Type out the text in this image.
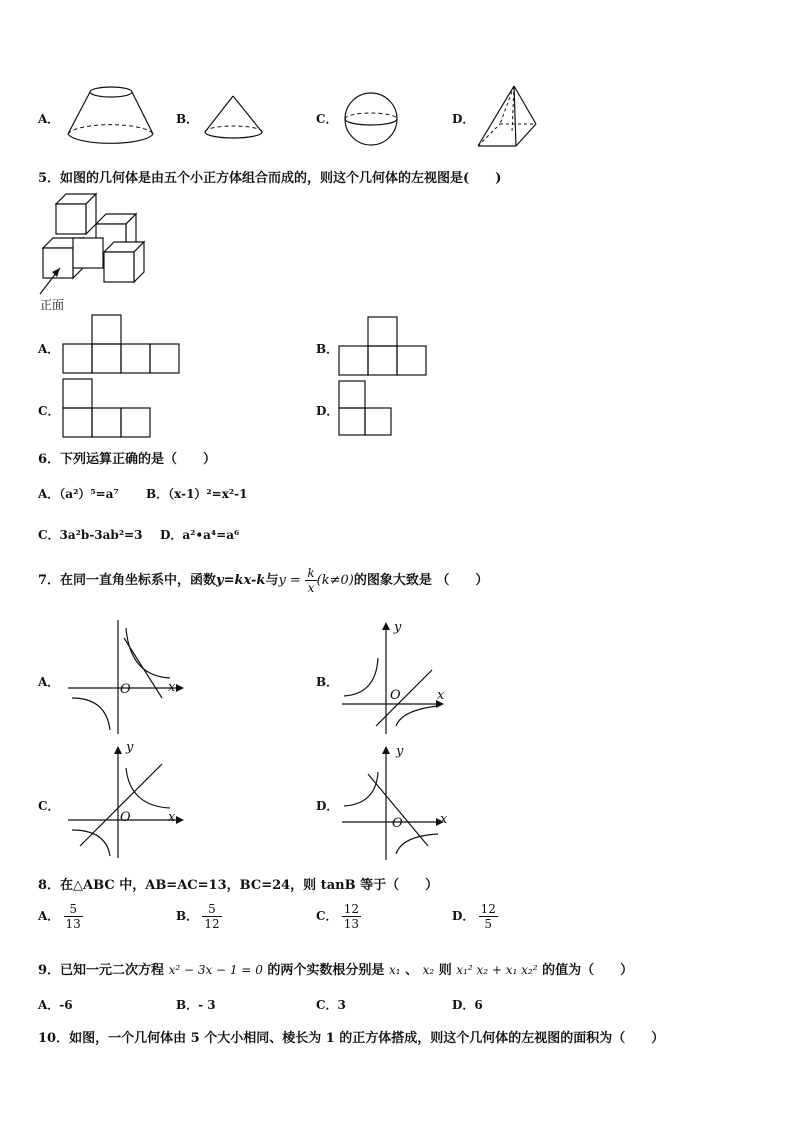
A．	B．	C．	D．
5．如图的几何体是由五个小正方体组合而成的，则这个几何体的左视图是(　　)
正面
A．	B．
C．	D．
6．下列运算正确的是（　　）
A．（a²）⁵=a⁷ B．（x-1）²=x²-1
C．3a²b-3ab²=3 D．a²•a⁴=a⁶
7．在同一直角坐标系中，函数y=kx-k与$y = \frac{k}{x} (k\ne 0)$的图象大致是 （　　）
A．	x
O	B．
x
y
O
C．
x
y
O
D．
x
y
O
8．在△ABC 中，AB=AC=13，BC=24，则 tanB 等于（　　）
A． $\frac{5}{13}$	B． $\frac{5}{12}$	C． $\frac{12}{13}$	D． $\frac{12}{5}$
9．已知一元二次方程 x² − 3x − 1 = 0 的两个实数根分别是 x₁ 、 x₂ 则 x₁² x₂ + x₁ x₂² 的值为（　　）
A．-6	B．- 3	C．3	D．6
10．如图，一个几何体由 5 个大小相同、棱长为 1 的正方体搭成，则这个几何体的左视图的面积为（　　）
